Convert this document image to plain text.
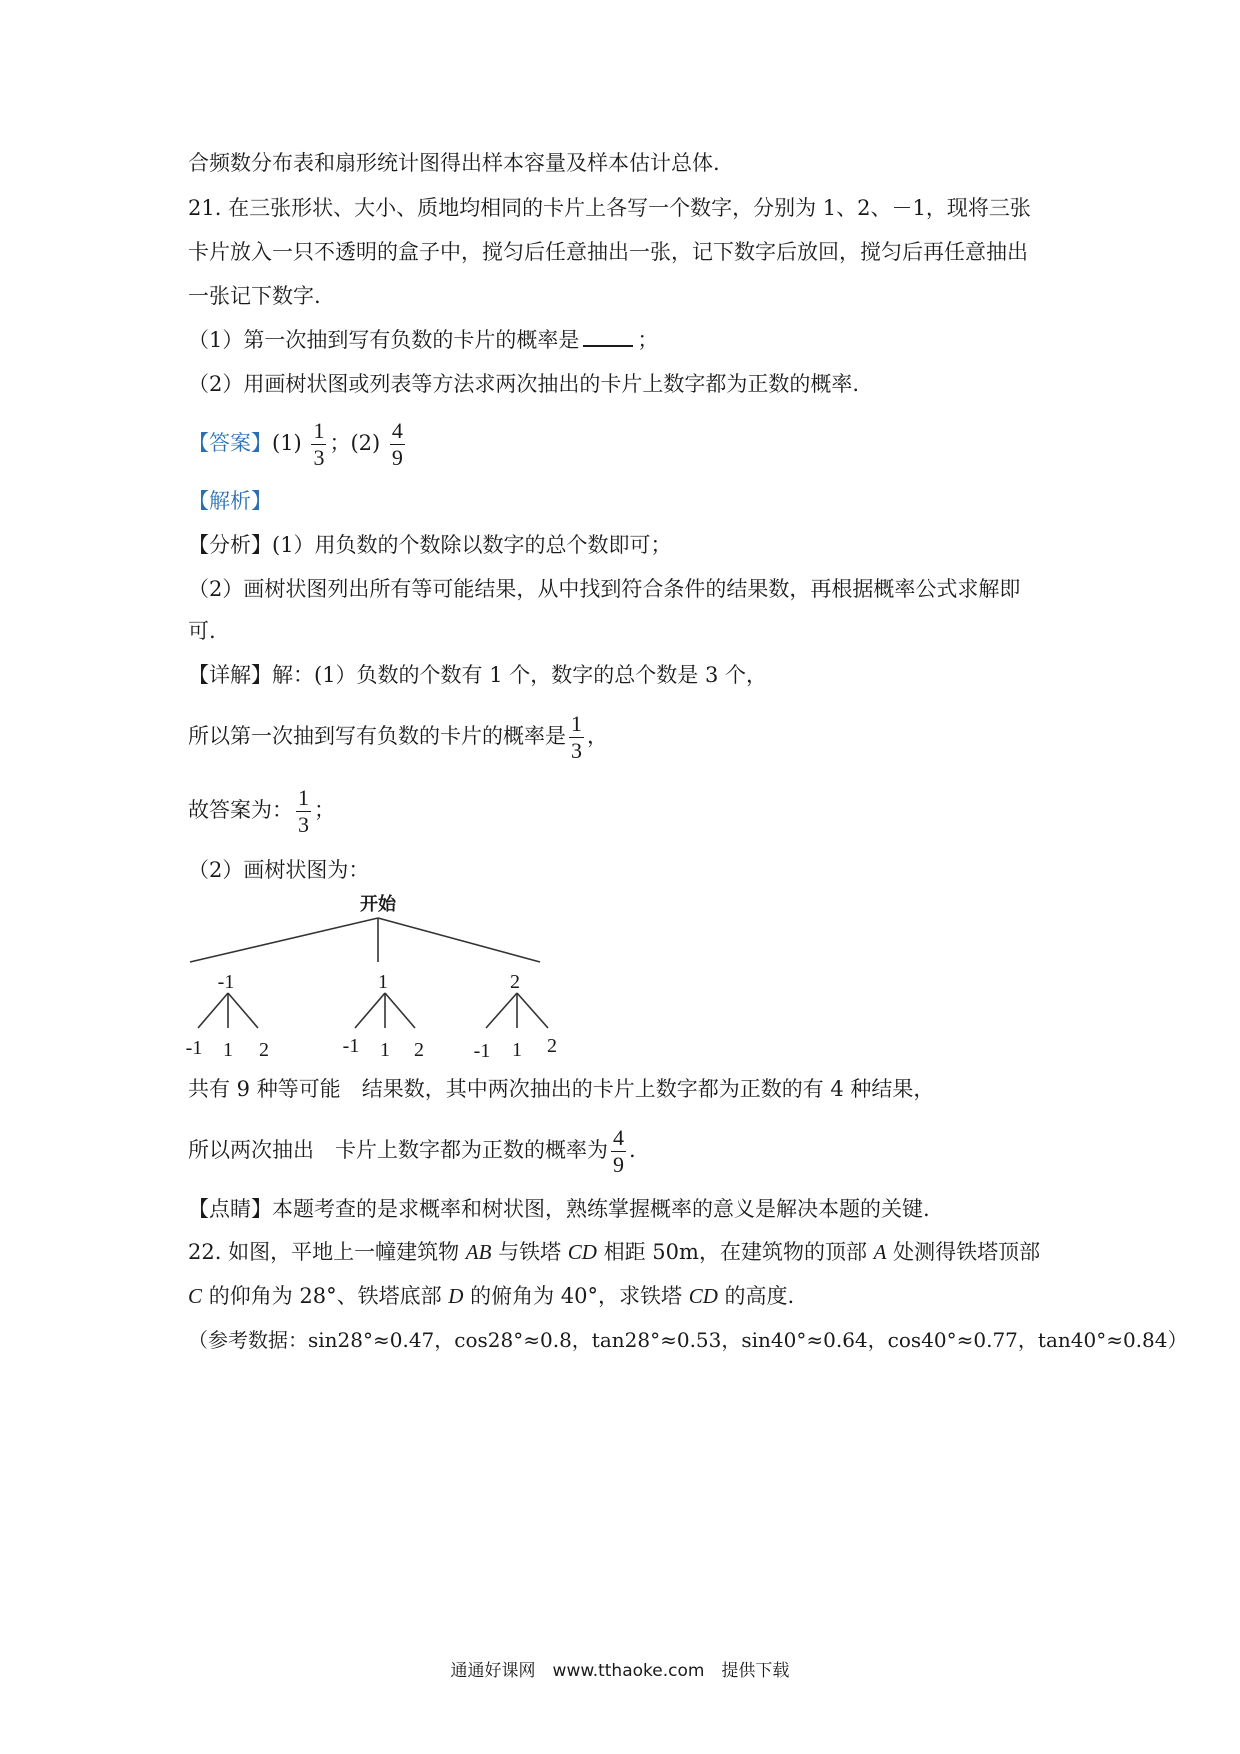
合频数分布表和扇形统计图得出样本容量及样本估计总体.
21. 在三张形状、大小、质地均相同的卡片上各写一个数字，分别为 1、2、－1，现将三张
卡片放入一只不透明的盒子中，搅匀后任意抽出一张，记下数字后放回，搅匀后再任意抽出
一张记下数字.
（1）第一次抽到写有负数的卡片的概率是	；
（2）用画树状图或列表等方法求两次抽出的卡片上数字都为正数的概率.
【答案】$(1) \frac{1}{3}$ ；$(2) \frac{4}{9}$
【解析】
【分析】(1）用负数的个数除以数字的总个数即可；
（2）画树状图列出所有等可能结果，从中找到符合条件的结果数，再根据概率公式求解即
可.
【详解】解：(1）负数的个数有 1 个，数字的总个数是 3 个，
所以第一次抽到写有负数的卡片的概率是 $\frac{1}{3}$ ，
故答案为： $\frac{1}{3}$ ；
（2）画树状图为：
开始
-1	1	2
-1 1 2	-1 1 2 -1 1 2
共有 9 种等可能　结果数，其中两次抽出的卡片上数字都为正数的有 4 种结果，
所以两次抽出　卡片上数字都为正数的概率为 $\frac{4}{9}$ .
【点睛】本题考查的是求概率和树状图，熟练掌握概率的意义是解决本题的关键.
22. 如图，平地上一幢建筑物 AB 与铁塔 CD 相距 50m，在建筑物的顶部 A 处测得铁塔顶部
C 的仰角为 28°、铁塔底部 D 的俯角为 40°，求铁塔 CD 的高度.
（参考数据：sin28°≈0.47，cos28°≈0.8，tan28°≈0.53，sin40°≈0.64，cos40°≈0.77，tan40°≈0.84）
通通好课网　www.tthaoke.com　提供下载
